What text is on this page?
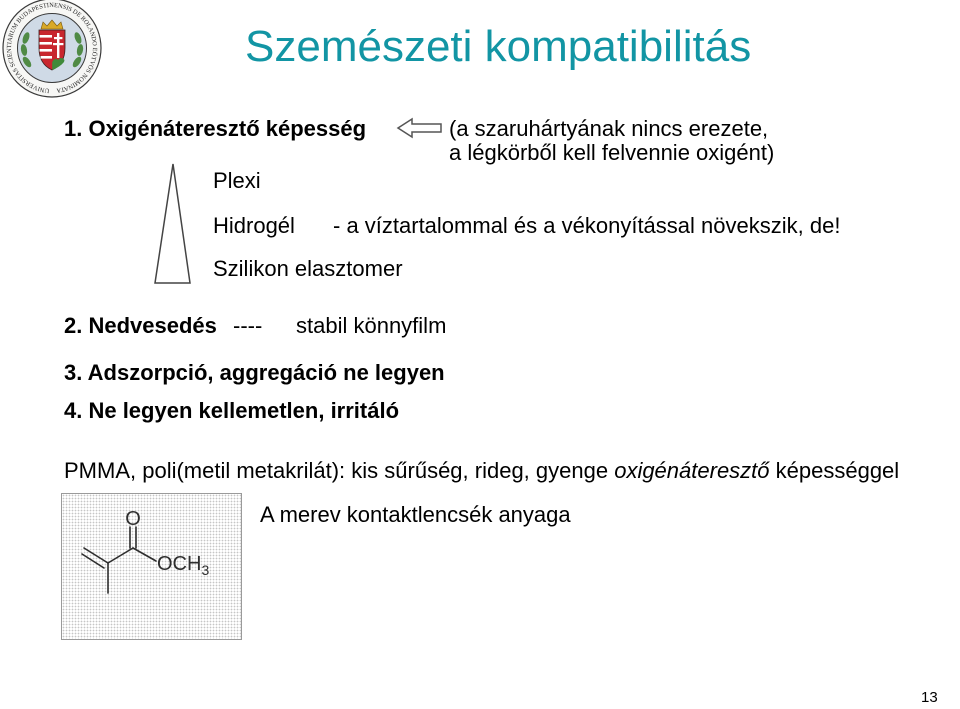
UNIVERSITAS SCIENTIARUM BUDAPESTINENSIS DE ROLANDO EÖTVÖS NOMINATA
Szemészeti kompatibilitás
1. Oxigénáteresztő képesség	(a szaruhártyának nincs erezete,
a légkörből kell felvennie oxigént)
Plexi
Hidrogél - a víztartalommal és a vékonyítással növekszik, de!
Szilikon elasztomer
2. Nedvesedés ---- stabil könnyfilm
3. Adszorpció, aggregáció ne legyen
4. Ne legyen kellemetlen, irritáló
PMMA, poli(metil metakrilát): kis sűrűség, rideg, gyenge oxigénáteresztő képességgel

O
$OCH_3$

A merev kontaktlencsék anyaga
13
